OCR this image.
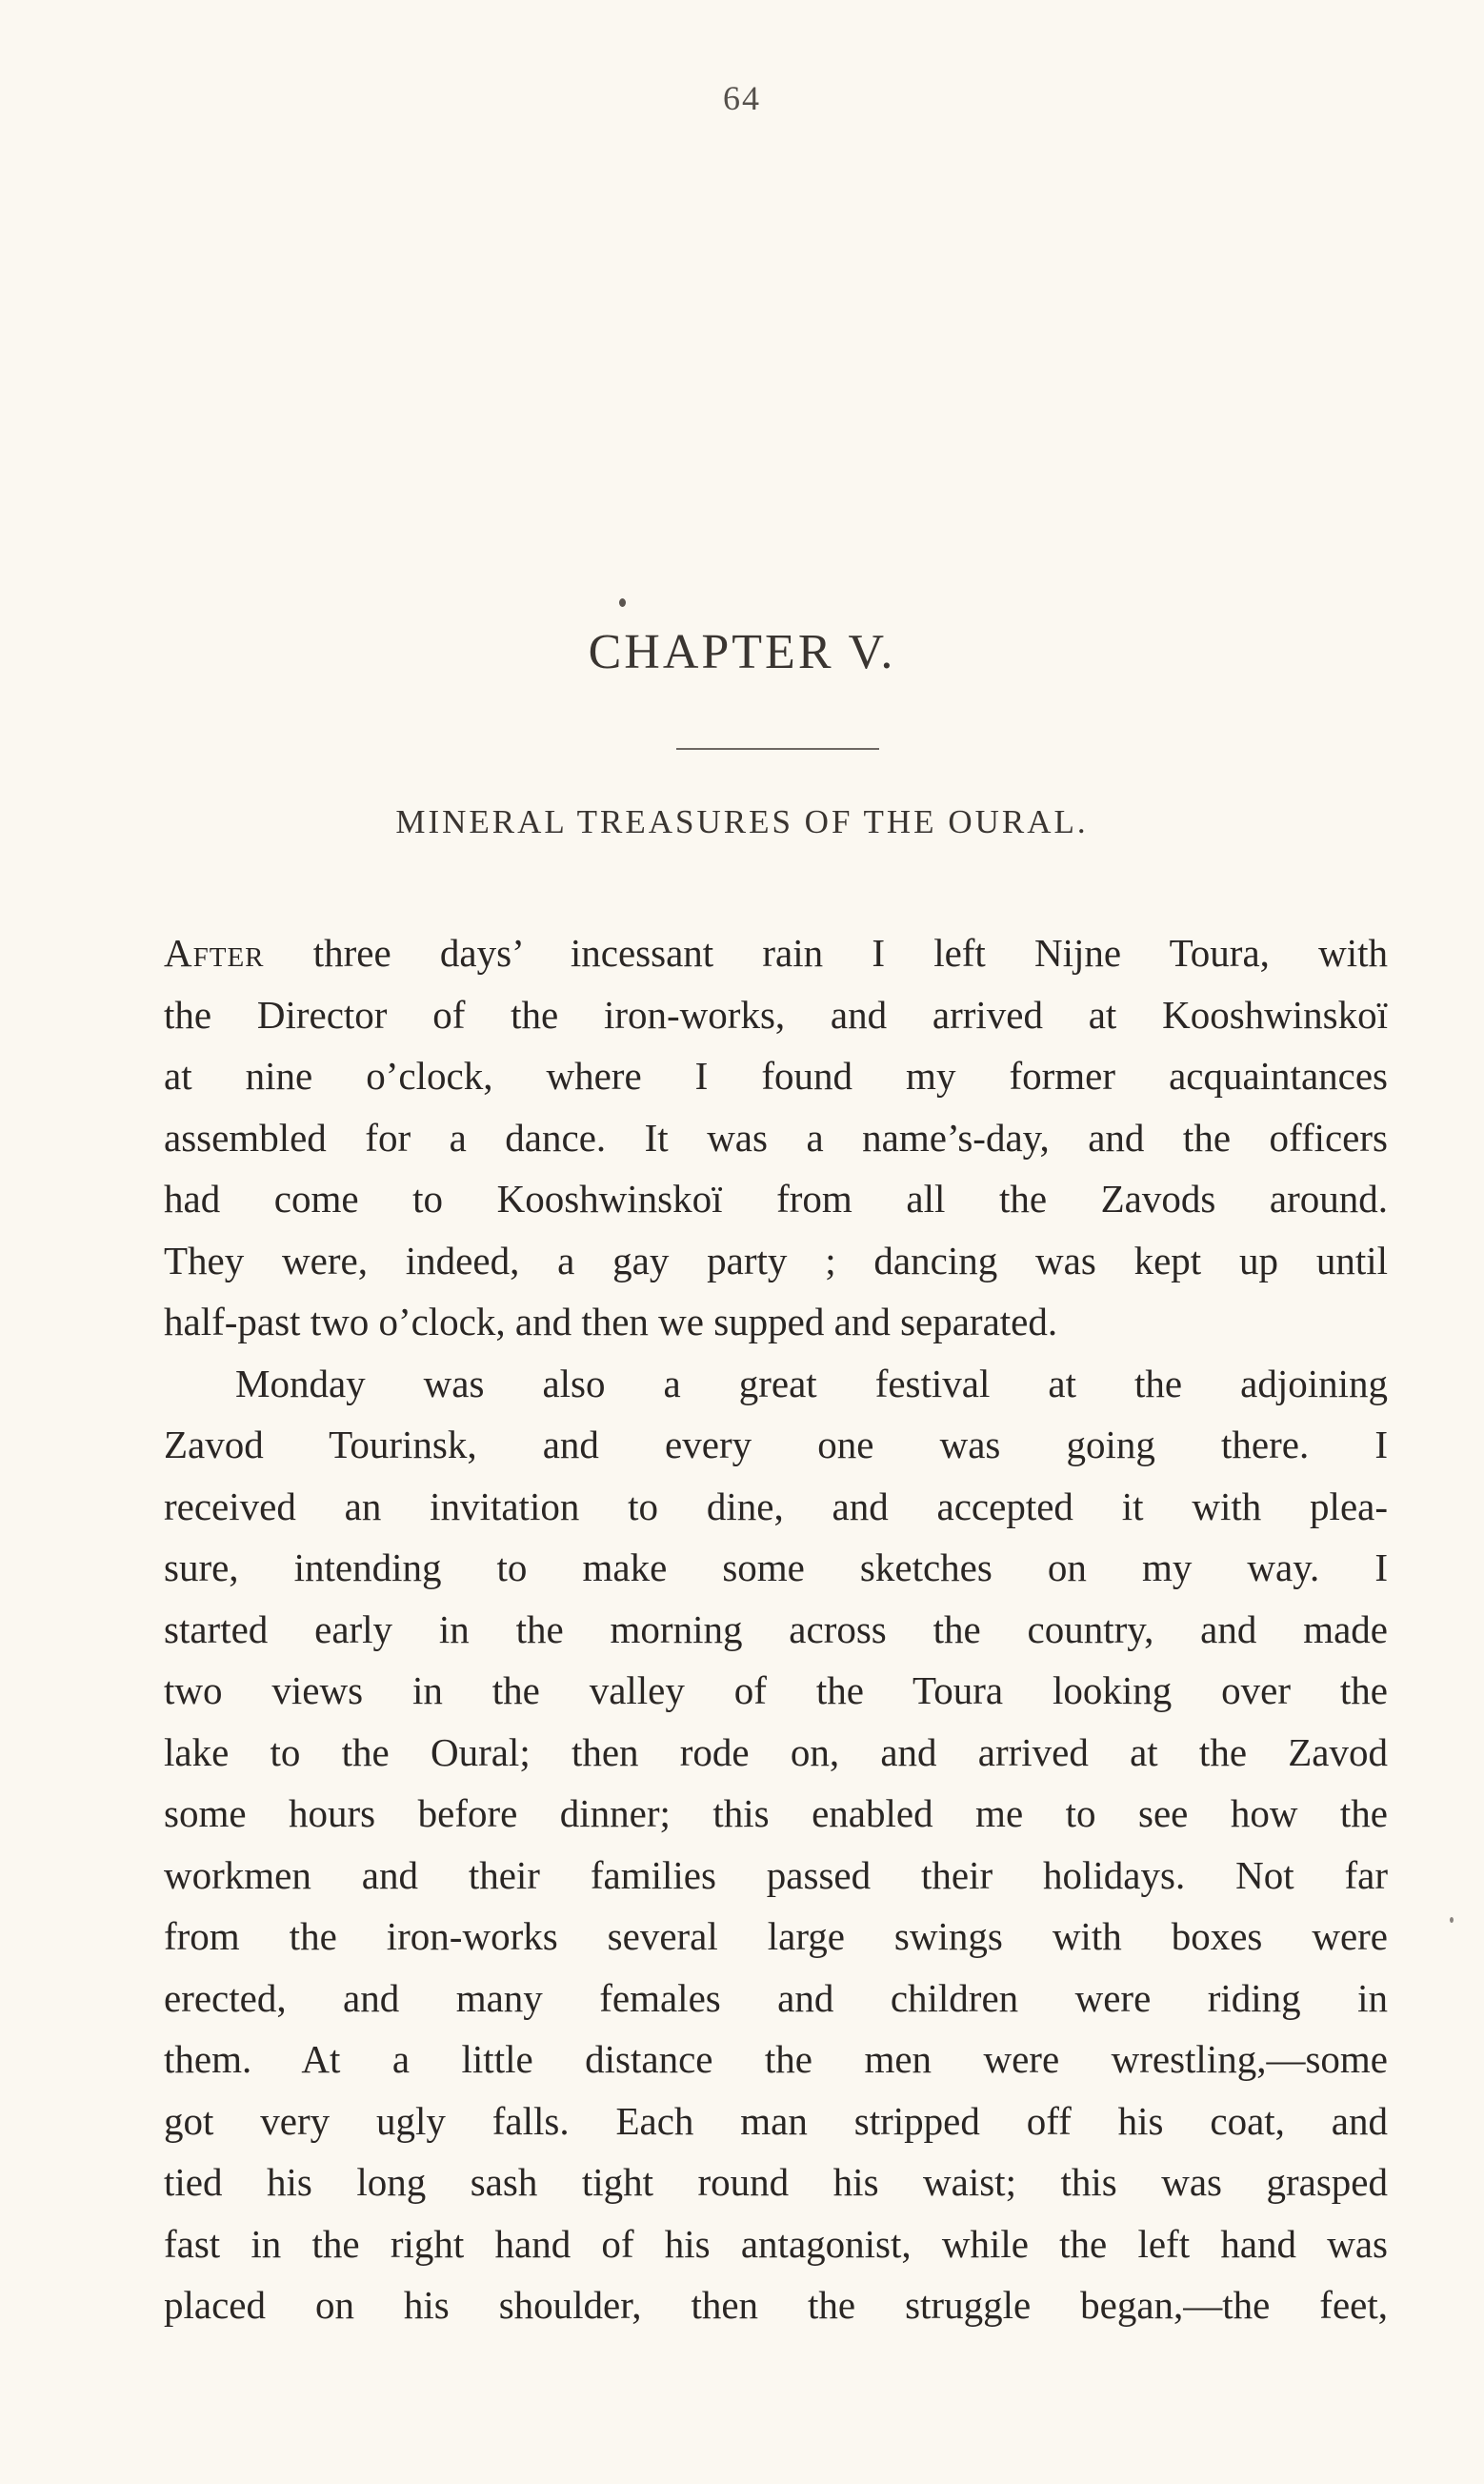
64
CHAPTER V.
MINERAL TREASURES OF THE OURAL.
After three days’ incessant rain I left Nijne Toura, with
the Director of the iron-works, and arrived at Kooshwinskoï
at nine o’clock, where I found my former acquaintances
assembled for a dance. It was a name’s-day, and the officers
had come to Kooshwinskoï from all the Zavods around.
They were, indeed, a gay party ; dancing was kept up until
half-past two o’clock, and then we supped and separated.
Monday was also a great festival at the adjoining
Zavod Tourinsk, and every one was going there. I
received an invitation to dine, and accepted it with plea-
sure, intending to make some sketches on my way. I
started early in the morning across the country, and made
two views in the valley of the Toura looking over the
lake to the Oural; then rode on, and arrived at the Zavod
some hours before dinner; this enabled me to see how the
workmen and their families passed their holidays. Not far
from the iron-works several large swings with boxes were
erected, and many females and children were riding in
them. At a little distance the men were wrestling,—some
got very ugly falls. Each man stripped off his coat, and
tied his long sash tight round his waist; this was grasped
fast in the right hand of his antagonist, while the left hand was
placed on his shoulder, then the struggle began,—the feet,
